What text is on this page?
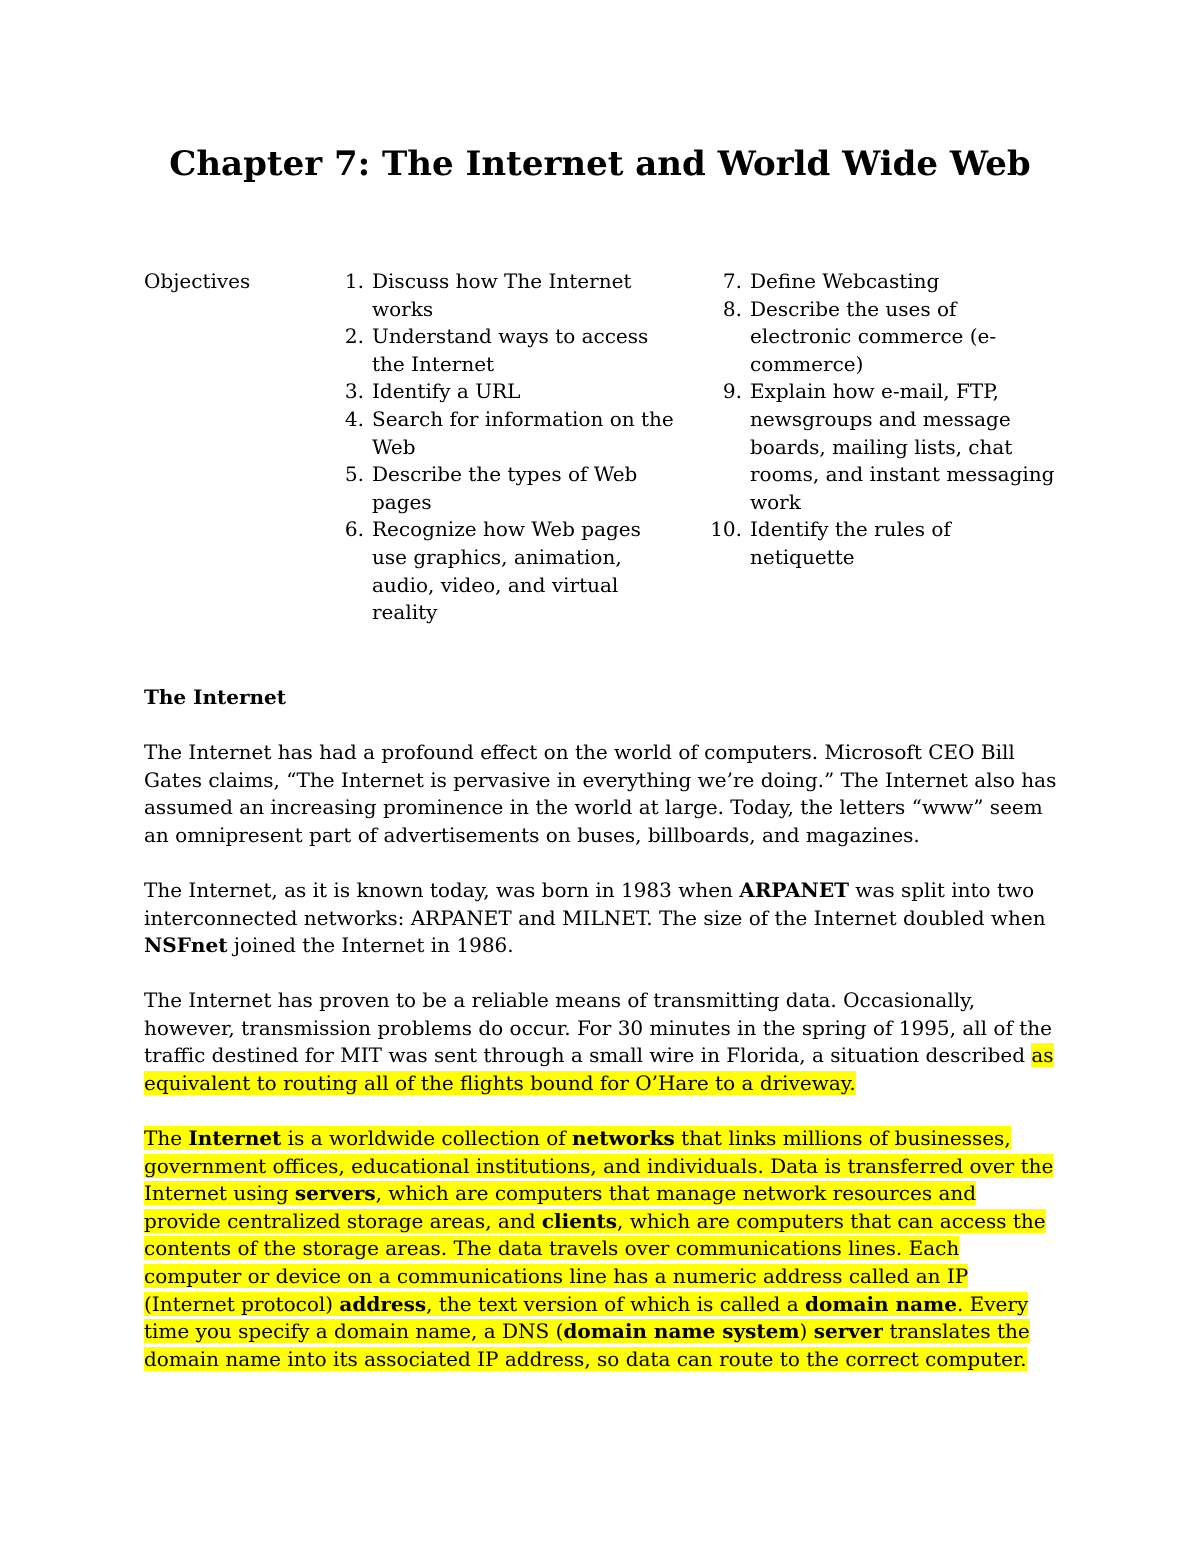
Chapter 7: The Internet and World Wide Web
Objectives	1. Discuss how The Internet works
2. Understand ways to access the Internet
3. Identify a URL
4. Search for information on the Web
5. Describe the types of Web pages
6. Recognize how Web pages use graphics, animation, audio, video, and virtual reality
7. Define Webcasting
8. Describe the uses of electronic commerce (e-commerce)
9. Explain how e-mail, FTP, newsgroups and message boards, mailing lists, chat rooms, and instant messaging work
10. Identify the rules of netiquette
The Internet

The Internet has had a profound effect on the world of computers. Microsoft CEO Bill Gates claims, “The Internet is pervasive in everything we’re doing.” The Internet also has assumed an increasing prominence in the world at large. Today, the letters “www” seem an omnipresent part of advertisements on buses, billboards, and magazines.

The Internet, as it is known today, was born in 1983 when ARPANET was split into two interconnected networks: ARPANET and MILNET. The size of the Internet doubled when NSFnet joined the Internet in 1986.

The Internet has proven to be a reliable means of transmitting data. Occasionally, however, transmission problems do occur. For 30 minutes in the spring of 1995, all of the traffic destined for MIT was sent through a small wire in Florida, a situation described as equivalent to routing all of the flights bound for O’Hare to a driveway.

The Internet is a worldwide collection of networks that links millions of businesses, government offices, educational institutions, and individuals. Data is transferred over the Internet using servers, which are computers that manage network resources and provide centralized storage areas, and clients, which are computers that can access the contents of the storage areas. The data travels over communications lines. Each computer or device on a communications line has a numeric address called an IP (Internet protocol) address, the text version of which is called a domain name. Every time you specify a domain name, a DNS (domain name system) server translates the domain name into its associated IP address, so data can route to the correct computer.
